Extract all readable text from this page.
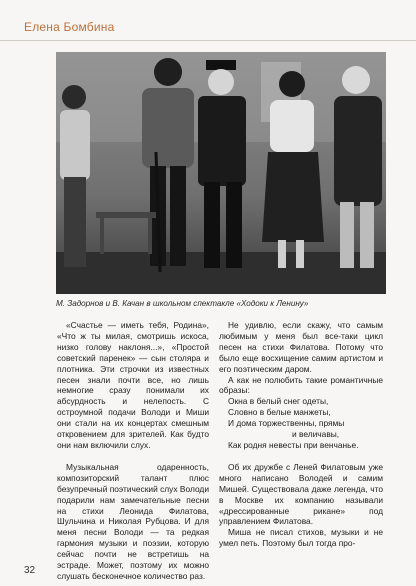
Елена Бомбина
М. Задорнов и В. Качан в школьном спектакле «Ходоки к Ленину»

«Счастье — иметь тебя, Родина», «Что ж ты милая, смотришь искоса, низко голову наклоня...», «Простой советский паренек» — сын столяра и плотника. Эти строчки из известных песен знали почти все, но лишь немногие сразу понимали их абсурдность и нелепость. С остроумной подачи Володи и Миши они стали на их концертах смешным откровением для зрителей. Как будто они нам включили слух.

Музыкальная одаренность, композиторский талант плюс безупречный поэтический слух Володи подарили нам замечательные песни на стихи Леонида Филатова, Шульчина и Николая Рубцова. И для меня песни Володи — та редкая гармония музыки и поэзии, которую сейчас почти не встретишь на эстраде. Может, поэтому их можно слушать бесконечное количество раз.

Не удивлю, если скажу, что самым любимым у меня был все-таки цикл песен на стихи Филатова. Потому что было еще восхищение самим артистом и его поэтическим даром.

А как не полюбить такие романтичные образы:

Окна в белый снег одеты,

Словно в белые манжеты,

И дома торжественны, прямы

и величавы,

Как родня невесты при венчанье.

Об их дружбе с Леней Филатовым уже много написано Володей и самим Мишей. Существовала даже легенда, что в Москве их компанию называли «дрессированные рикане» под управлением Филатова.

Миша не писал стихов, музыки и не умел петь. Поэтому был тогда про-

32
